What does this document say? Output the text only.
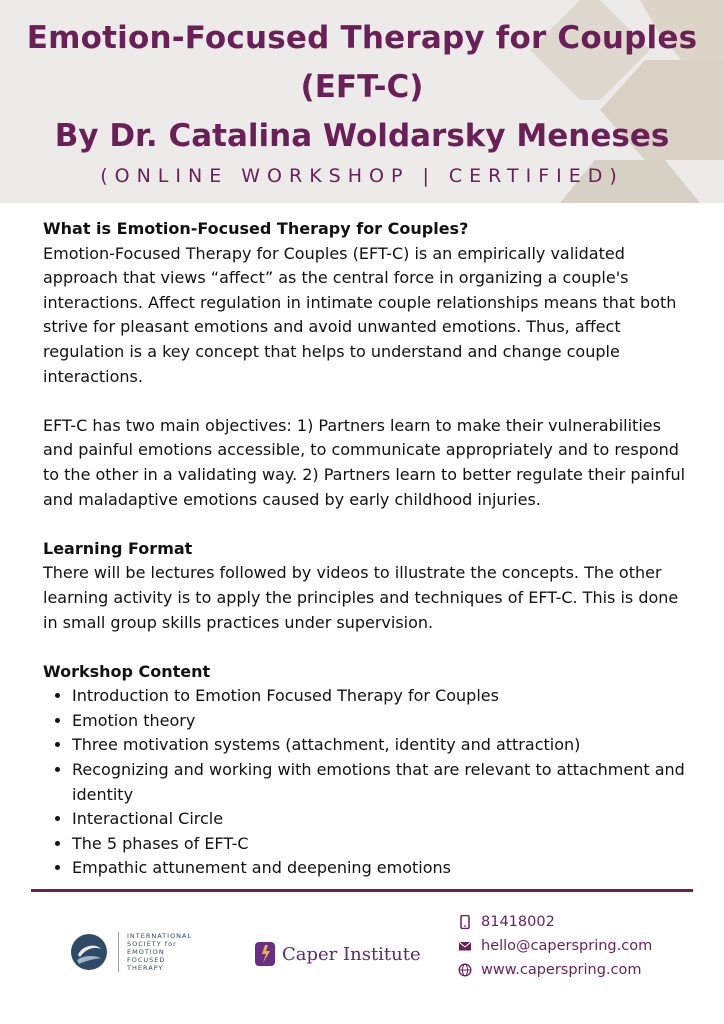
Emotion-Focused Therapy for Couples
(EFT-C)
By Dr. Catalina Woldarsky Meneses
(ONLINE WORKSHOP | CERTIFIED)
What is Emotion-Focused Therapy for Couples?

Emotion-Focused Therapy for Couples (EFT-C) is an empirically validated approach that views “affect” as the central force in organizing a couple's interactions. Affect regulation in intimate couple relationships means that both strive for pleasant emotions and avoid unwanted emotions. Thus, affect regulation is a key concept that helps to understand and change couple interactions.

EFT-C has two main objectives: 1) Partners learn to make their vulnerabilities and painful emotions accessible, to communicate appropriately and to respond to the other in a validating way. 2) Partners learn to better regulate their painful and maladaptive emotions caused by early childhood injuries.

Learning Format

There will be lectures followed by videos to illustrate the concepts. The other learning activity is to apply the principles and techniques of EFT-C. This is done in small group skills practices under supervision.

Workshop Content
• Introduction to Emotion Focused Therapy for Couples
• Emotion theory
• Three motivation systems (attachment, identity and attraction)
• Recognizing and working with emotions that are relevant to attachment and identity
• Interactional Circle
• The 5 phases of EFT-C
• Empathic attunement and deepening emotions
INTERNATIONAL
SOCIETY for
EMOTION
FOCUSED
THERAPY
Caper Institute
81418002
hello@caperspring.com
www.caperspring.com
